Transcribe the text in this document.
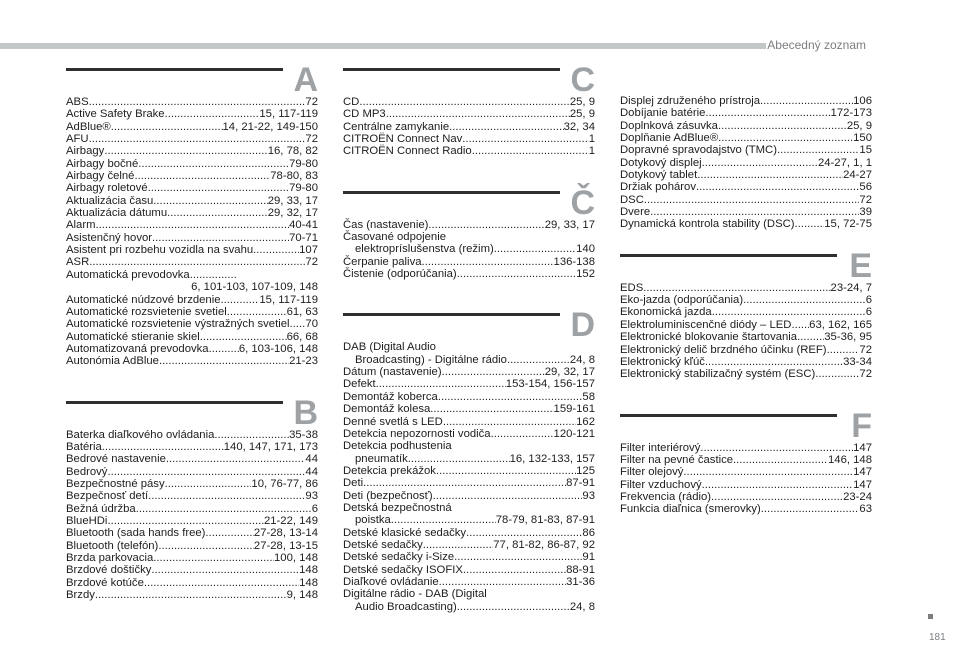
Abecedný zoznam
A
ABS .....	72
Active Safety Brake .....	15, 117-119
AdBlue® .....	14, 21-22, 149-150
AFU .....	72
Airbagy .....	16, 78, 82
Airbagy bočné .....	79-80
Airbagy čelné .....	78-80, 83
Airbagy roletové .....	79-80
Aktualizácia času .....	29, 33, 17
Aktualizácia dátumu .....	29, 32, 17
Alarm .....	40-41
Asistenčný hovor .....	70-71
Asistent pri rozbehu vozidla na svahu .....	107
ASR .....	72
Automatická prevodovka
.....
6, 101-103, 107-109, 148
Automatické núdzové brzdenie .....	15, 117-119
Automatické rozsvietenie svetiel .....	61, 63
Automatické rozsvietenie výstražných svetiel ..... 70
Automatické stieranie skiel .....	66, 68
Automatizovaná prevodovka .....	6, 103-106, 148
Autonómia AdBlue .....	21-23
B
Baterka diaľkového ovládania .....	35-38
Batéria .....	140, 147, 171, 173
Bedrové nastavenie .....	44
Bedrový .....	44
Bezpečnostné pásy .....	10, 76-77, 86
Bezpečnosť detí .....	93
Bežná údržba .....	6
BlueHDi .....	21-22, 149
Bluetooth (sada hands free) .....	27-28, 13-14
Bluetooth (telefón) .....	27-28, 13-15
Brzda parkovacia .....	100, 148
Brzdové doštičky .....	148
Brzdové kotúče .....	148
Brzdy .....	9, 148
C
CD .....	25, 9
CD MP3 .....	25, 9
Centrálne zamykanie .....	32, 34
CITROËN Connect Nav .....	1
CITROËN Connect Radio .....	1
Č
Čas (nastavenie) .....	29, 33, 17
Časované odpojenie
elektropríslušenstva (režim) .....	140
Čerpanie paliva .....	136-138
Čistenie (odporúčania) .....	152
D
DAB (Digital Audio
Broadcasting) - Digitálne rádio .....	24, 8
Dátum (nastavenie) .....	29, 32, 17
Defekt .....	153-154, 156-157
Demontáž koberca .....	58
Demontáž kolesa .....	159-161
Denné svetlá s LED .....	162
Detekcia nepozornosti vodiča .....	120-121
Detekcia podhustenia
pneumatík .....	16, 132-133, 157
Detekcia prekážok .....	125
Deti .....	87-91
Deti (bezpečnosť) .....	93
Detská bezpečnostná
poistka .....	78-79, 81-83, 87-91
Detské klasické sedačky .....	86
Detské sedačky .....	77, 81-82, 86-87, 92
Detské sedačky i-Size .....	91
Detské sedačky ISOFIX .....	88-91
Diaľkové ovládanie .....	31-36
Digitálne rádio - DAB (Digital
Audio Broadcasting) .....	24, 8
Displej združeného prístroja .....	106
Dobíjanie batérie .....	172-173
Doplnková zásuvka .....	25, 9
Doplňanie AdBlue® .....	150
Dopravné spravodajstvo (TMC) .....	15
Dotykový displej .....	24-27, 1, 1
Dotykový tablet .....	24-27
Držiak pohárov .....	56
DSC .....	72
Dvere .....	39
Dynamická kontrola stability (DSC) .....	15, 72-75
E
EDS .....	23-24, 7
Eko-jazda (odporúčania) .....	6
Ekonomická jazda .....	6
Elektroluminiscenčné diódy – LED ..... 63, 162, 165
Elektronické blokovanie štartovania ..... 35-36, 95
Elektronický delič brzdného účinku (REF) .....	72
Elektronický kľúč .....	33-34
Elektronický stabilizačný systém (ESC) .....	72
F
Filter interiérový .....	147
Filter na pevné častice .....	146, 148
Filter olejový .....	147
Filter vzduchový .....	147
Frekvencia (rádio) .....	23-24
Funkcia diaľnica (smerovky) .....	63
181
